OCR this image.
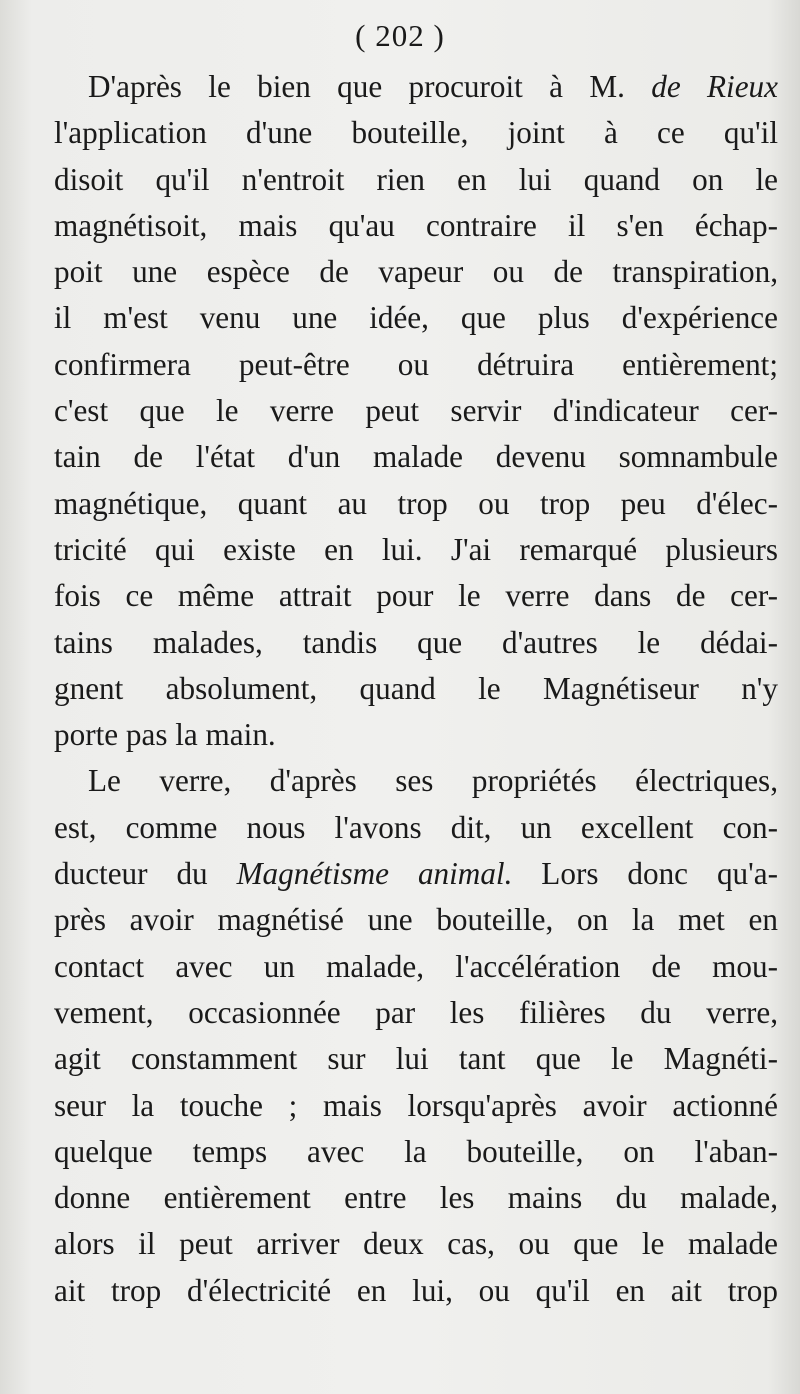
( 202 )
D'après le bien que procuroit à M. de Rieux
l'application d'une bouteille, joint à ce qu'il
disoit qu'il n'entroit rien en lui quand on le
magnétisoit, mais qu'au contraire il s'en échap-
poit une espèce de vapeur ou de transpiration,
il m'est venu une idée, que plus d'expérience
confirmera peut-être ou détruira entièrement;
c'est que le verre peut servir d'indicateur cer-
tain de l'état d'un malade devenu somnambule
magnétique, quant au trop ou trop peu d'élec-
tricité qui existe en lui. J'ai remarqué plusieurs
fois ce même attrait pour le verre dans de cer-
tains malades, tandis que d'autres le dédai-
gnent absolument, quand le Magnétiseur n'y
porte pas la main.
Le verre, d'après ses propriétés électriques,
est, comme nous l'avons dit, un excellent con-
ducteur du Magnétisme animal. Lors donc qu'a-
près avoir magnétisé une bouteille, on la met en
contact avec un malade, l'accélération de mou-
vement, occasionnée par les filières du verre,
agit constamment sur lui tant que le Magnéti-
seur la touche ; mais lorsqu'après avoir actionné
quelque temps avec la bouteille, on l'aban-
donne entièrement entre les mains du malade,
alors il peut arriver deux cas, ou que le malade
ait trop d'électricité en lui, ou qu'il en ait trop
